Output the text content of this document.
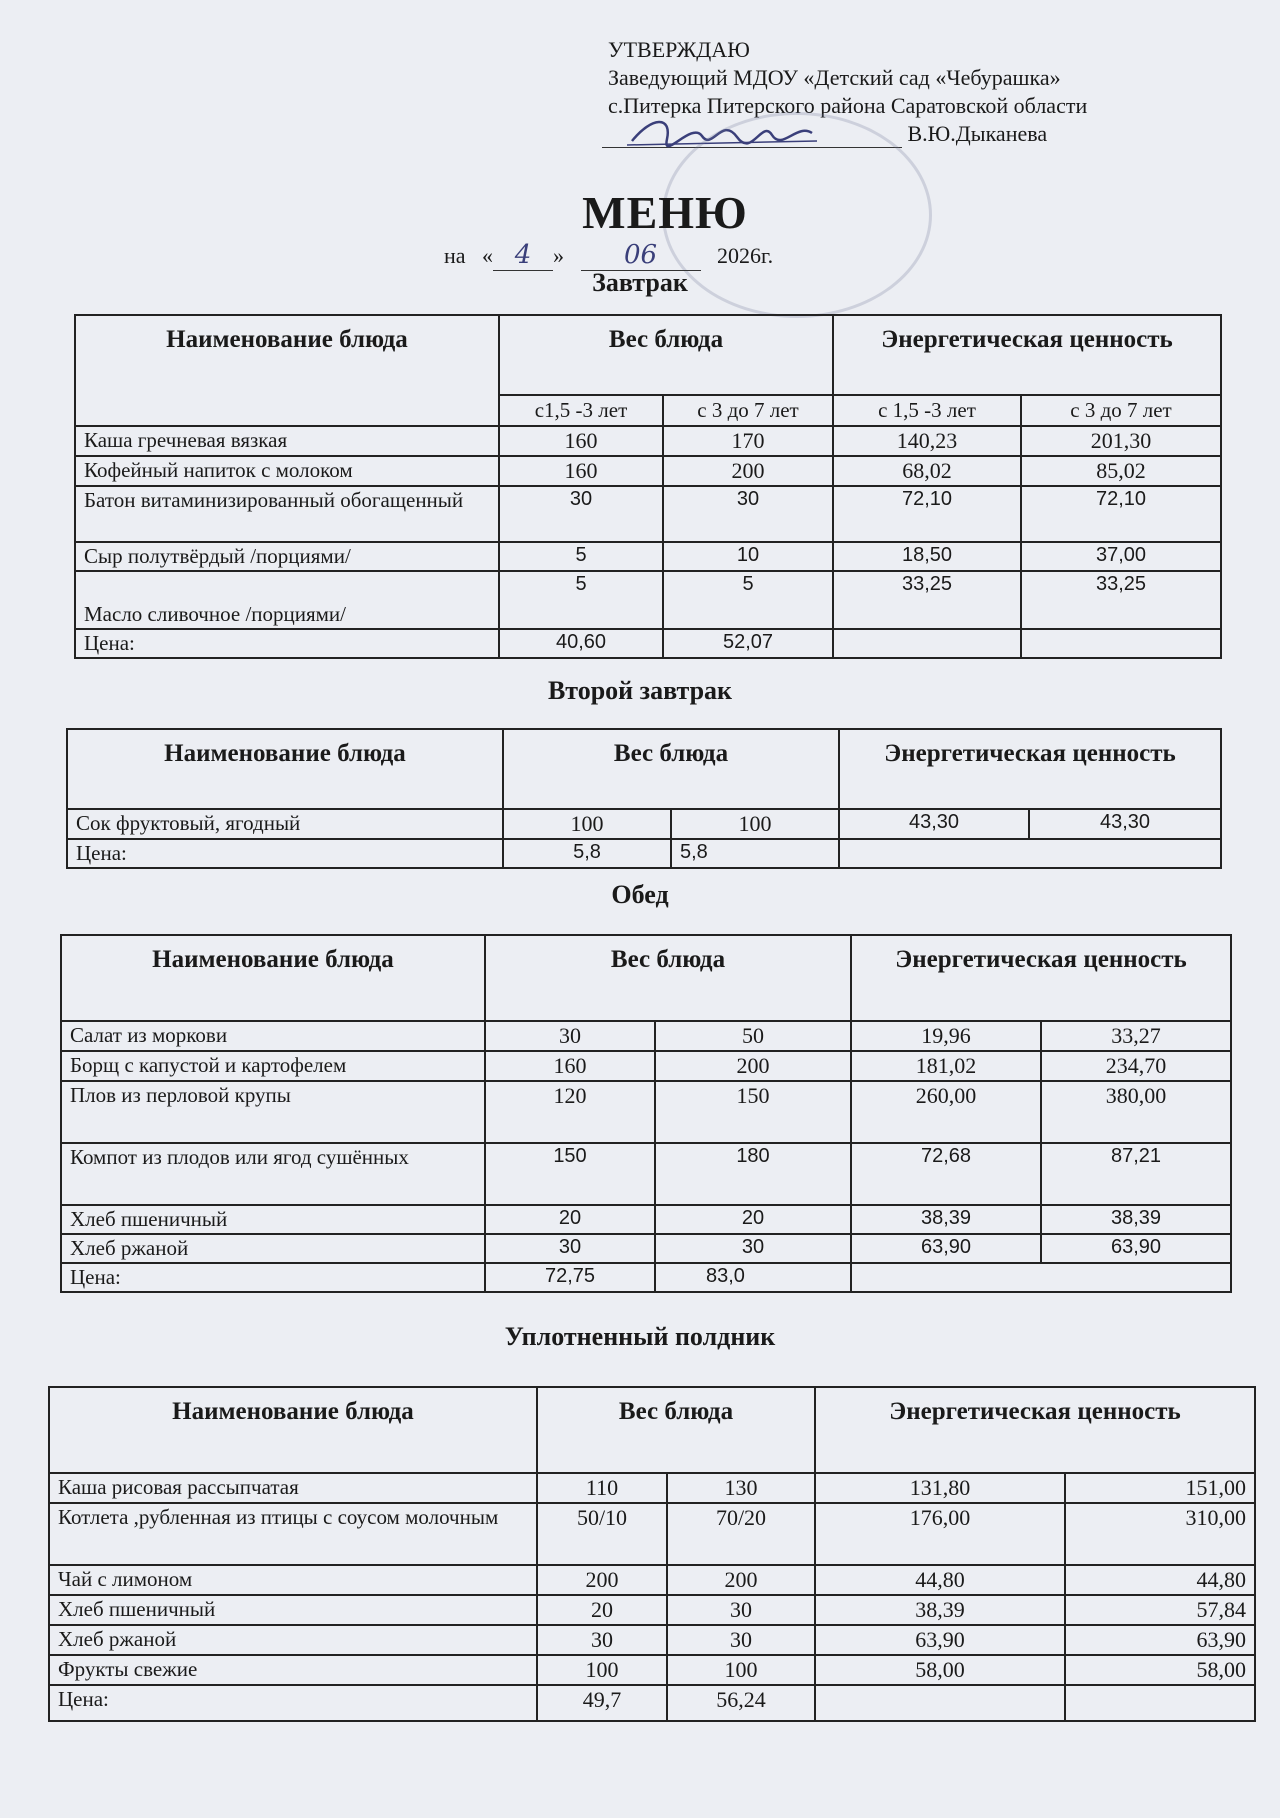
УТВЕРЖДАЮ
Заведующий МДОУ «Детский сад «Чебурашка»
с.Питерка Питерского района Саратовской области
В.Ю.Дыканева
МЕНЮ
на   « 4 »   06	2026г.
Завтрак
Наименование блюда	Вес блюда		Энергетическая ценность	
	с1,5 -3 лет	с 3 до 7 лет	с 1,5 -3 лет	с 3 до 7 лет
Каша гречневая вязкая	160	170	140,23	201,30
Кофейный напиток с молоком	160	200	68,02	85,02
Батон витаминизированный обогащенный	30	30	72,10	72,10
Сыр полутвёрдый /порциями/	5	10	18,50	37,00
Масло сливочное /порциями/	5	5	33,25	33,25
Цена:	40,60	52,07		
Второй завтрак
Наименование блюда	Вес блюда		Энергетическая ценность	
Сок фруктовый, ягодный	100	100	43,30	43,30
Цена:	5,8	5,8		
Обед
Наименование блюда	Вес блюда		Энергетическая ценность	
Салат из моркови	30	50	19,96	33,27
Борщ с капустой и картофелем	160	200	181,02	234,70
Плов из перловой крупы	120	150	260,00	380,00
Компот из плодов или ягод сушённых	150	180	72,68	87,21
Хлеб пшеничный	20	20	38,39	38,39
Хлеб ржаной	30	30	63,90	63,90
Цена:	72,75	83,0		
Уплотненный полдник
Наименование блюда	Вес блюда		Энергетическая ценность	
Каша рисовая рассыпчатая	110	130	131,80	151,00
Котлета ,рубленная из птицы с соусом молочным	50/10	70/20	176,00	310,00
Чай с лимоном	200	200	44,80	44,80
Хлеб пшеничный	20	30	38,39	57,84
Хлеб ржаной	30	30	63,90	63,90
Фрукты свежие	100	100	58,00	58,00
Цена:	49,7	56,24		
